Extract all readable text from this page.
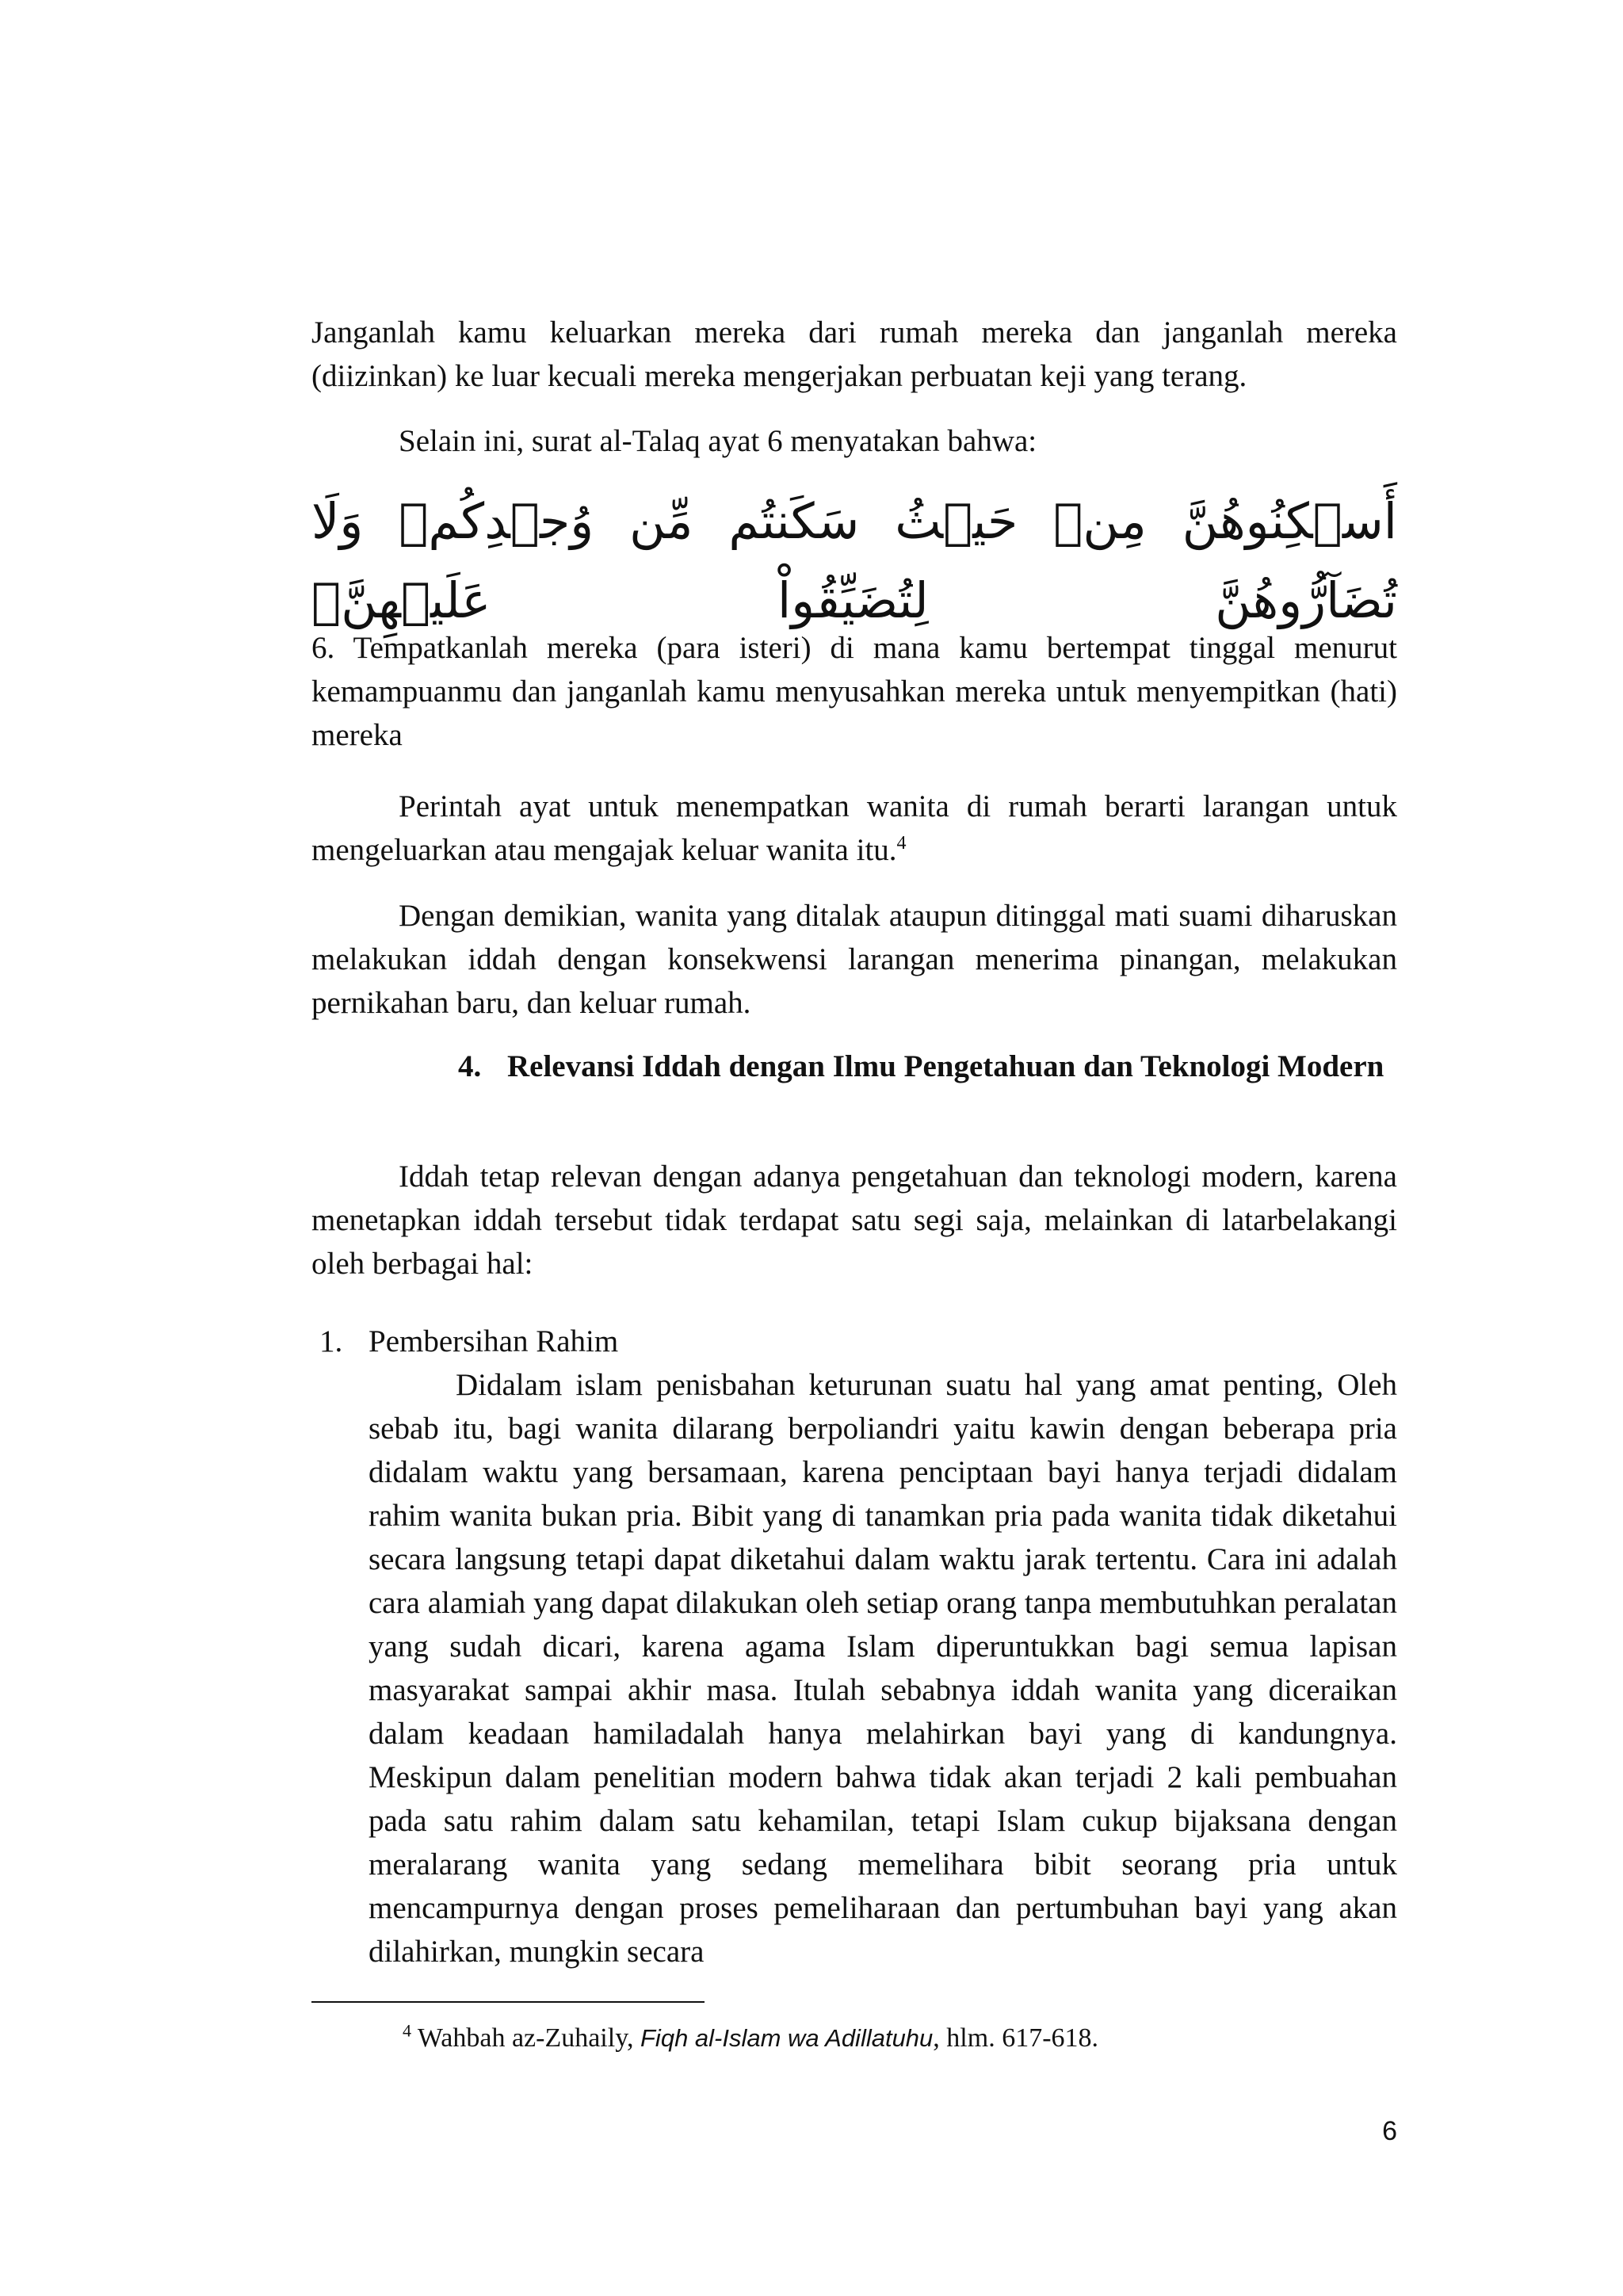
Janganlah kamu keluarkan mereka dari rumah mereka dan janganlah mereka (diizinkan) ke luar kecuali mereka mengerjakan perbuatan keji yang terang.

Selain ini, surat al-Talaq ayat 6 menyatakan bahwa:

أَسۡكِنُوهُنَّ مِنۡ حَيۡثُ سَكَنتُم مِّن وُجۡدِكُمۡ وَلَا تُضَآرُّوهُنَّ لِتُضَيِّقُواْ عَلَيۡهِنَّۚ

6. Tempatkanlah mereka (para isteri) di mana kamu bertempat tinggal menurut kemampuanmu dan janganlah kamu menyusahkan mereka untuk menyempitkan (hati) mereka

Perintah ayat untuk menempatkan wanita di rumah berarti larangan untuk mengeluarkan atau mengajak keluar wanita itu.$^4$

Dengan demikian, wanita yang ditalak ataupun ditinggal mati suami diharuskan melakukan iddah dengan konsekwensi larangan menerima pinangan, melakukan pernikahan baru, dan keluar rumah.

4. Relevansi Iddah dengan Ilmu Pengetahuan dan Teknologi Modern

Iddah tetap relevan dengan adanya pengetahuan dan teknologi modern, karena menetapkan iddah tersebut tidak terdapat satu segi saja, melainkan di latarbelakangi oleh berbagai hal:

1. Pembersihan Rahim

Didalam islam penisbahan keturunan suatu hal yang amat penting, Oleh sebab itu, bagi wanita dilarang berpoliandri yaitu kawin dengan beberapa pria didalam waktu yang bersamaan, karena penciptaan bayi hanya terjadi didalam rahim wanita bukan pria. Bibit yang di tanamkan pria pada wanita tidak diketahui secara langsung tetapi dapat diketahui dalam waktu jarak tertentu. Cara ini adalah cara alamiah yang dapat dilakukan oleh setiap orang tanpa membutuhkan peralatan yang sudah dicari, karena agama Islam diperuntukkan bagi semua lapisan masyarakat sampai akhir masa. Itulah sebabnya iddah wanita yang diceraikan dalam keadaan hamiladalah hanya melahirkan bayi yang di kandungnya. Meskipun dalam penelitian modern bahwa tidak akan terjadi 2 kali pembuahan pada satu rahim dalam satu kehamilan, tetapi Islam cukup bijaksana dengan meralarang wanita yang sedang memelihara bibit seorang pria untuk mencampurnya dengan proses pemeliharaan dan pertumbuhan bayi yang akan dilahirkan, mungkin secara

$^4$ Wahbah az-Zuhaily, Fiqh al-Islam wa Adillatuhu, hlm. 617-618.
6
